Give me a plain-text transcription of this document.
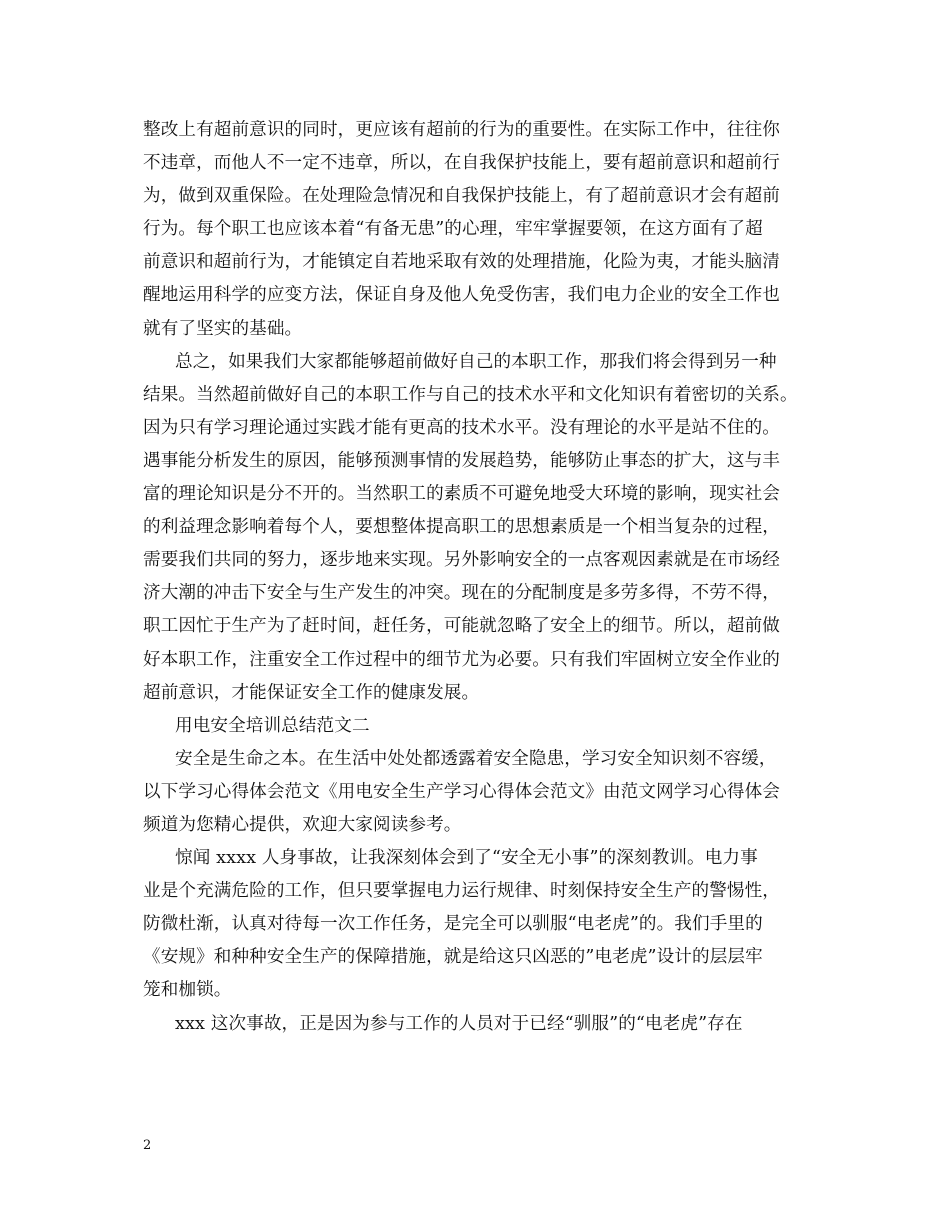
整改上有超前意识的同时，更应该有超前的行为的重要性。在实际工作中，往往你
不违章，而他人不一定不违章，所以，在自我保护技能上，要有超前意识和超前行
为，做到双重保险。在处理险急情况和自我保护技能上，有了超前意识才会有超前
行为。每个职工也应该本着“有备无患”的心理，牢牢掌握要领，在这方面有了超
前意识和超前行为，才能镇定自若地采取有效的处理措施，化险为夷，才能头脑清
醒地运用科学的应变方法，保证自身及他人免受伤害，我们电力企业的安全工作也
就有了坚实的基础。
总之，如果我们大家都能够超前做好自己的本职工作，那我们将会得到另一种
结果。当然超前做好自己的本职工作与自己的技术水平和文化知识有着密切的关系。
因为只有学习理论通过实践才能有更高的技术水平。没有理论的水平是站不住的。
遇事能分析发生的原因，能够预测事情的发展趋势，能够防止事态的扩大，这与丰
富的理论知识是分不开的。当然职工的素质不可避免地受大环境的影响，现实社会
的利益理念影响着每个人，要想整体提高职工的思想素质是一个相当复杂的过程，
需要我们共同的努力，逐步地来实现。另外影响安全的一点客观因素就是在市场经
济大潮的冲击下安全与生产发生的冲突。现在的分配制度是多劳多得，不劳不得，
职工因忙于生产为了赶时间，赶任务，可能就忽略了安全上的细节。所以，超前做
好本职工作，注重安全工作过程中的细节尤为必要。只有我们牢固树立安全作业的
超前意识，才能保证安全工作的健康发展。
用电安全培训总结范文二
安全是生命之本。在生活中处处都透露着安全隐患，学习安全知识刻不容缓，
以下学习心得体会范文《用电安全生产学习心得体会范文》由范文网学习心得体会
频道为您精心提供，欢迎大家阅读参考。
惊闻 xxxx 人身事故，让我深刻体会到了“安全无小事”的深刻教训。电力事
业是个充满危险的工作，但只要掌握电力运行规律、时刻保持安全生产的警惕性，
防微杜渐，认真对待每一次工作任务，是完全可以驯服“电老虎”的。我们手里的
《安规》和种种安全生产的保障措施，就是给这只凶恶的”电老虎”设计的层层牢
笼和枷锁。
xxx 这次事故，正是因为参与工作的人员对于已经“驯服”的“电老虎”存在
2
